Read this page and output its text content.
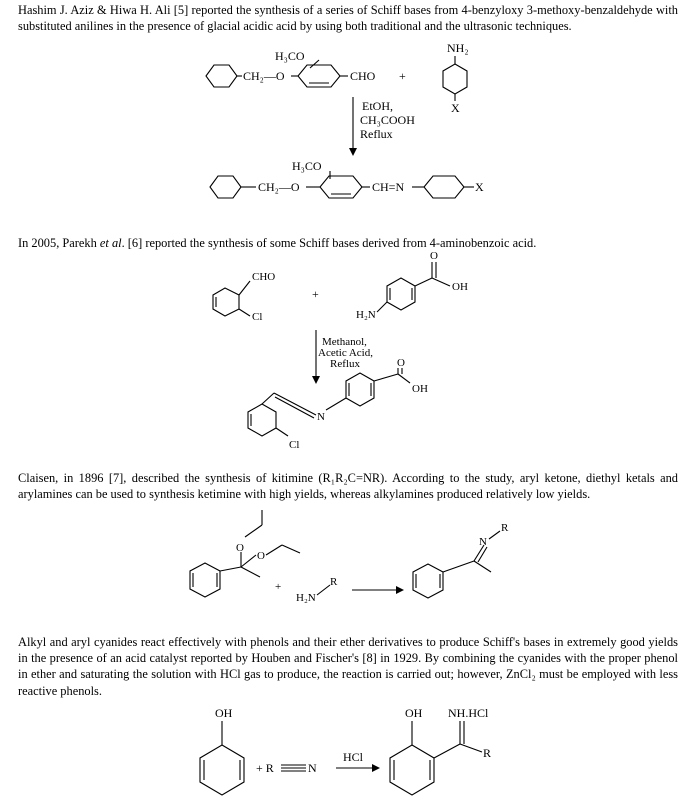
Hashim J. Aziz & Hiwa H. Ali [5] reported the synthesis of a series of Schiff bases from 4-benzyloxy 3-methoxy-benzaldehyde with substituted anilines in the presence of glacial acidic acid by using both traditional and the ultrasonic techniques.

CH₂—O
H₃CO
CHO +
NH₂
X
EtOH,
CH₃COOH
Reflux
CH₂—O
H₃CO
CH=N	X

In 2005, Parekh et al. [6] reported the synthesis of some Schiff bases derived from 4-aminobenzoic acid.

CHO
Cl
+
H₂N
O
OH
Methanol,
Acetic Acid,
Reflux
N
Cl
O
OH

Claisen, in 1896 [7], described the synthesis of kitimine (R₁R₂C=NR). According to the study, aryl ketone, diethyl ketals and arylamines can be used to synthesis ketimine with high yields, whereas alkylamines produced relatively low yields.

O
O
+
H₂N
R
N
R

Alkyl and aryl cyanides react effectively with phenols and their ether derivatives to produce Schiff's bases in extremely good yields in the presence of an acid catalyst reported by Houben and Fischer's [8] in 1929. By combining the cyanides with the proper phenol in ether and saturating the solution with HCl gas to produce, the reaction is carried out; however, ZnCl₂ must be employed with less reactive phenols.

OH
+ R	N
HCl
OH NH.HCl
R
